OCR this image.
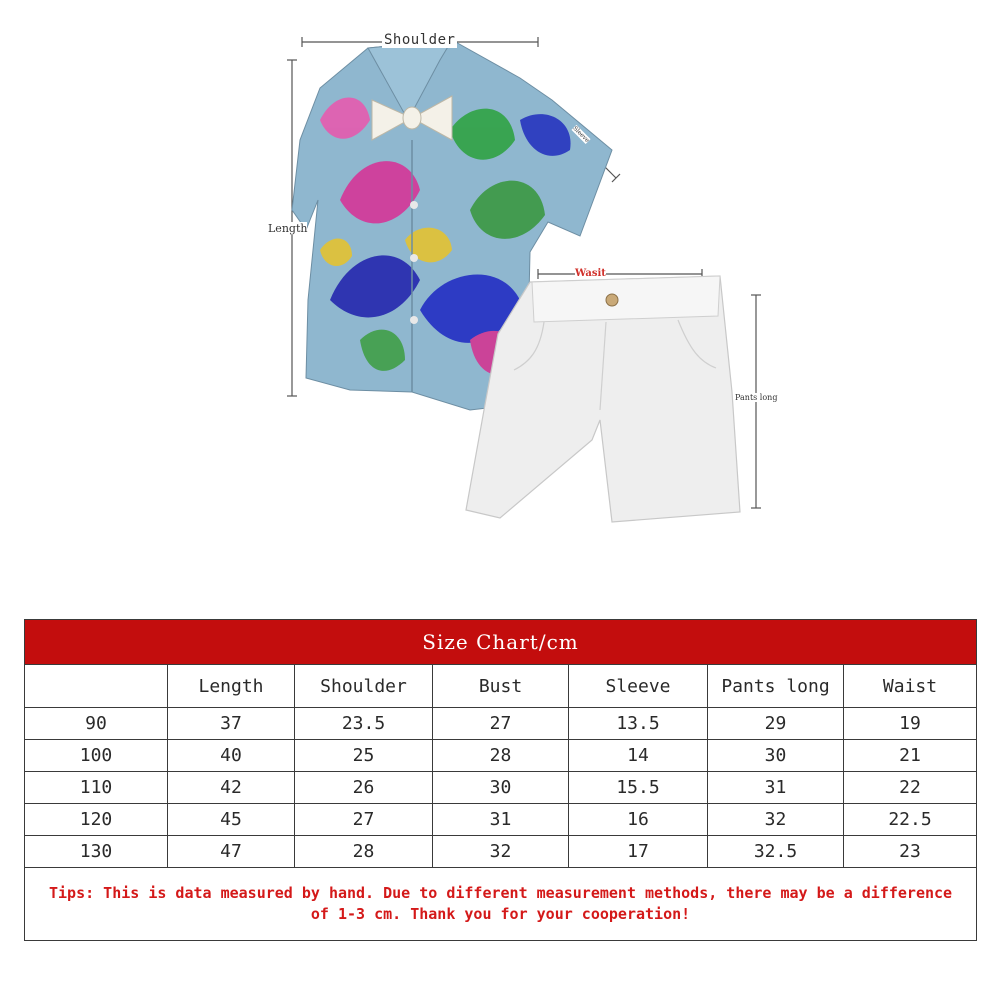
Shoulder
Length
Sleeve
Wasit
Pants long
Size Chart/cm						
	Length	Shoulder	Bust	Sleeve	Pants long	Waist
90	37	23.5	27	13.5	29	19
100	40	25	28	14	30	21
110	42	26	30	15.5	31	22
120	45	27	31	16	32	22.5
130	47	28	32	17	32.5	23
Tips: This is data measured by hand. Due to different measurement methods, there may be a difference of 1-3 cm. Thank you for your cooperation!						
